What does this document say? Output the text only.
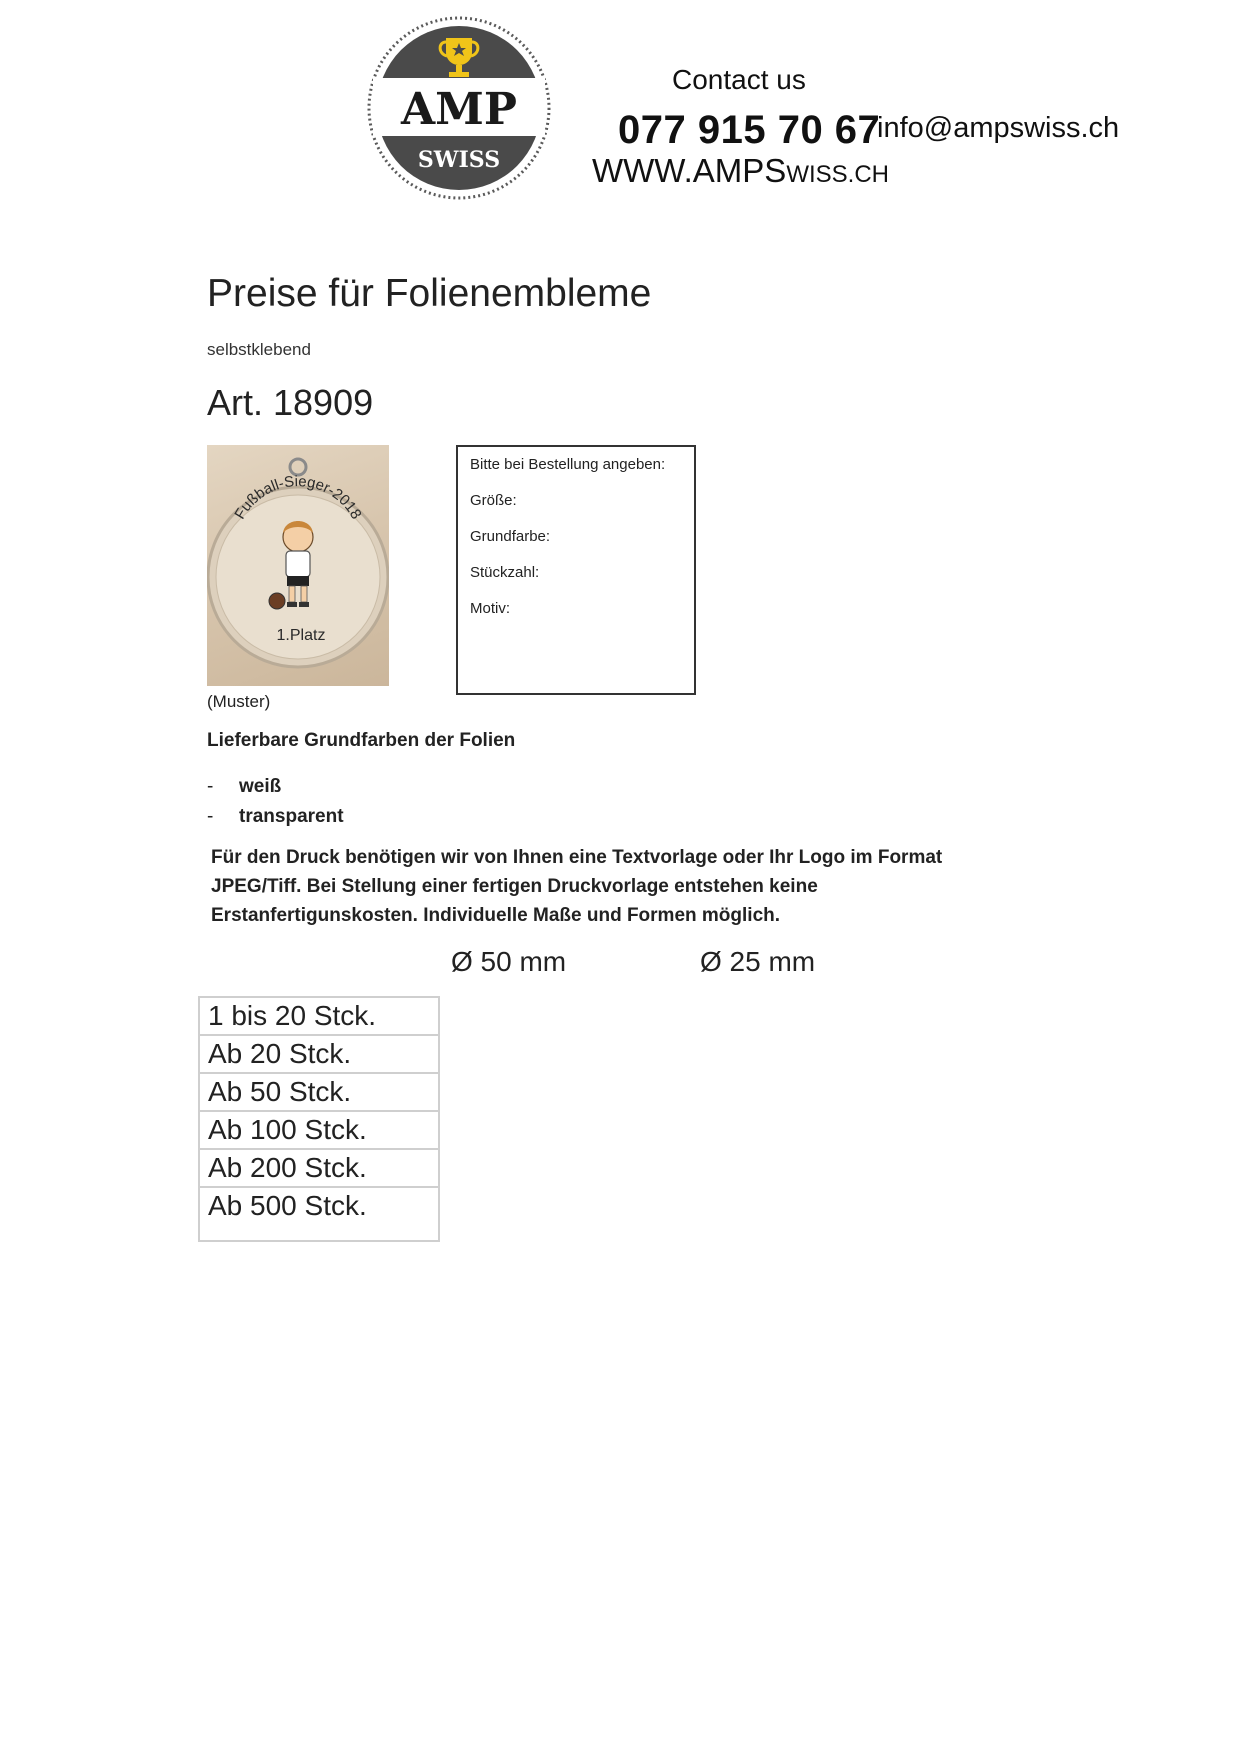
AMP
SWISS
Contact us
077 915 70 67
info@ampswiss.ch
WWW.AMPSWISS.CH
Preise für Folienembleme
selbstklebend
Art. 18909
Fußball-Sieger-2018
1.Platz
(Muster)
Bitte bei Bestellung angeben:
Größe:
Grundfarbe:
Stückzahl:
Motiv:
Lieferbare Grundfarben der Folien
-	weiß
-	transparent
Für den Druck benötigen wir von Ihnen eine Textvorlage oder Ihr Logo im Format JPEG/Tiff. Bei Stellung einer fertigen Druckvorlage entstehen keine Erstanfertigunskosten. Individuelle Maße und Formen möglich.
Ø 50 mm	Ø 25 mm
1 bis 20 Stck.
Ab 20 Stck.
Ab 50 Stck.
Ab 100 Stck.
Ab 200 Stck.
Ab 500 Stck.
